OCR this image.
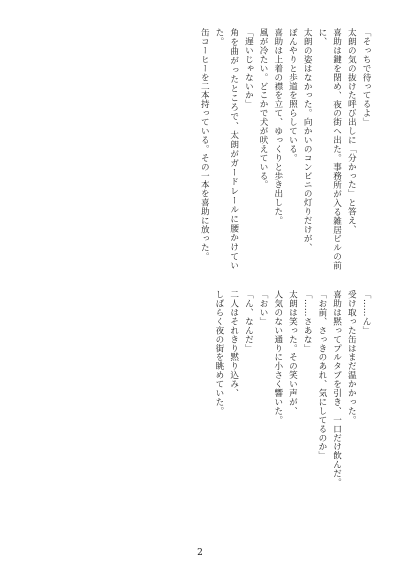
「そっちで待ってるよ」

太朗の気の抜けた呼び出しに「分かった」と答え、

喜助は鍵を閉め、夜の街へ出た。事務所が入る雑居ビルの前に、

太朗の姿はなかった。向かいのコンビニの灯りだけが、

ぼんやりと歩道を照らしている。

喜助は上着の襟を立て、ゆっくりと歩き出した。

風が冷たい。どこかで犬が吠えている。

「遅いじゃないか」

角を曲がったところで、太朗がガードレールに腰かけていた。

缶コーヒーを二本持っている。その一本を喜助に放った。

「……ん」

受け取った缶はまだ温かかった。

喜助は黙ってプルタブを引き、一口だけ飲んだ。

「お前、さっきのあれ、気にしてるのか」

「……さあな」

太朗は笑った。その笑い声が、

人気のない通りに小さく響いた。

「おい」

「ん、なんだ」

二人はそれきり黙り込み、

しばらく夜の街を眺めていた。

2
